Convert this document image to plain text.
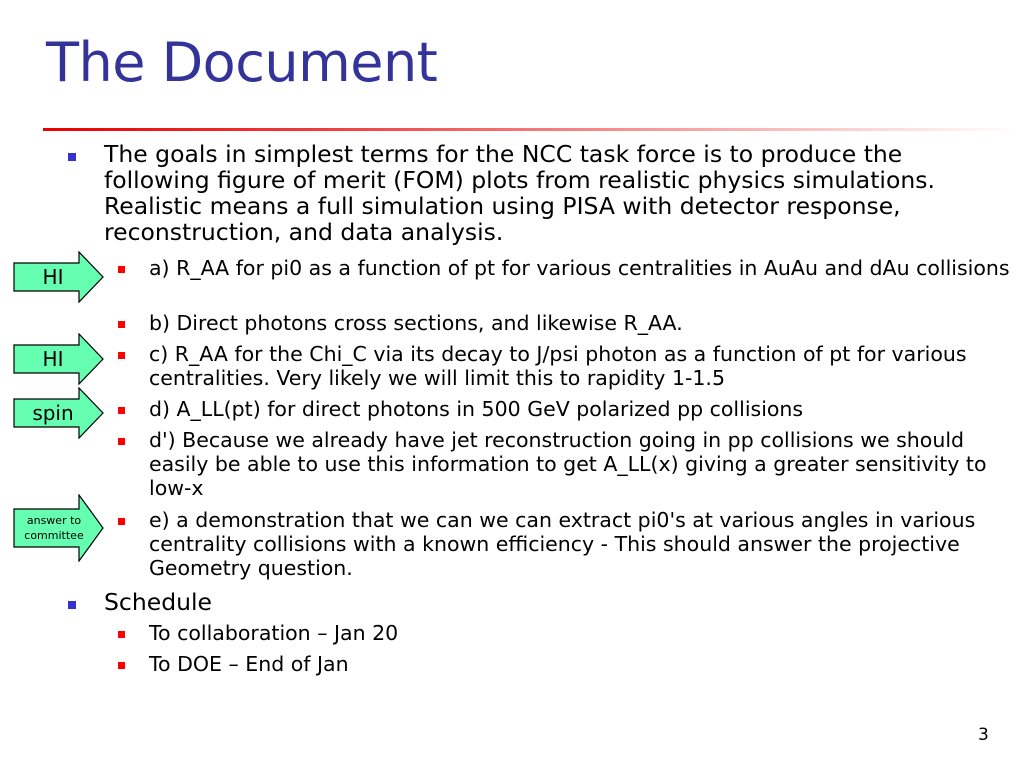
The Document
The goals in simplest terms for the NCC task force is to produce the following figure of merit (FOM) plots from realistic physics simulations. Realistic means a full simulation using PISA with detector response, reconstruction, and data analysis.
a) R_AA for pi0 as a function of pt for various centralities in AuAu and dAu collisions
b) Direct photons cross sections, and likewise R_AA.
c) R_AA for the Chi_C via its decay to J/psi photon as a function of pt for various centralities. Very likely we will limit this to rapidity 1-1.5
d) A_LL(pt) for direct photons in 500 GeV polarized pp collisions
d') Because we already have jet reconstruction going in pp collisions we should easily be able to use this information to get A_LL(x) giving a greater sensitivity to low-x
e) a demonstration that we can we can extract pi0's at various angles in various centrality collisions with a known efficiency - This should answer the projective Geometry question.
Schedule
To collaboration – Jan 20
To DOE – End of Jan
HI
HI
spin
answer to committee
3
